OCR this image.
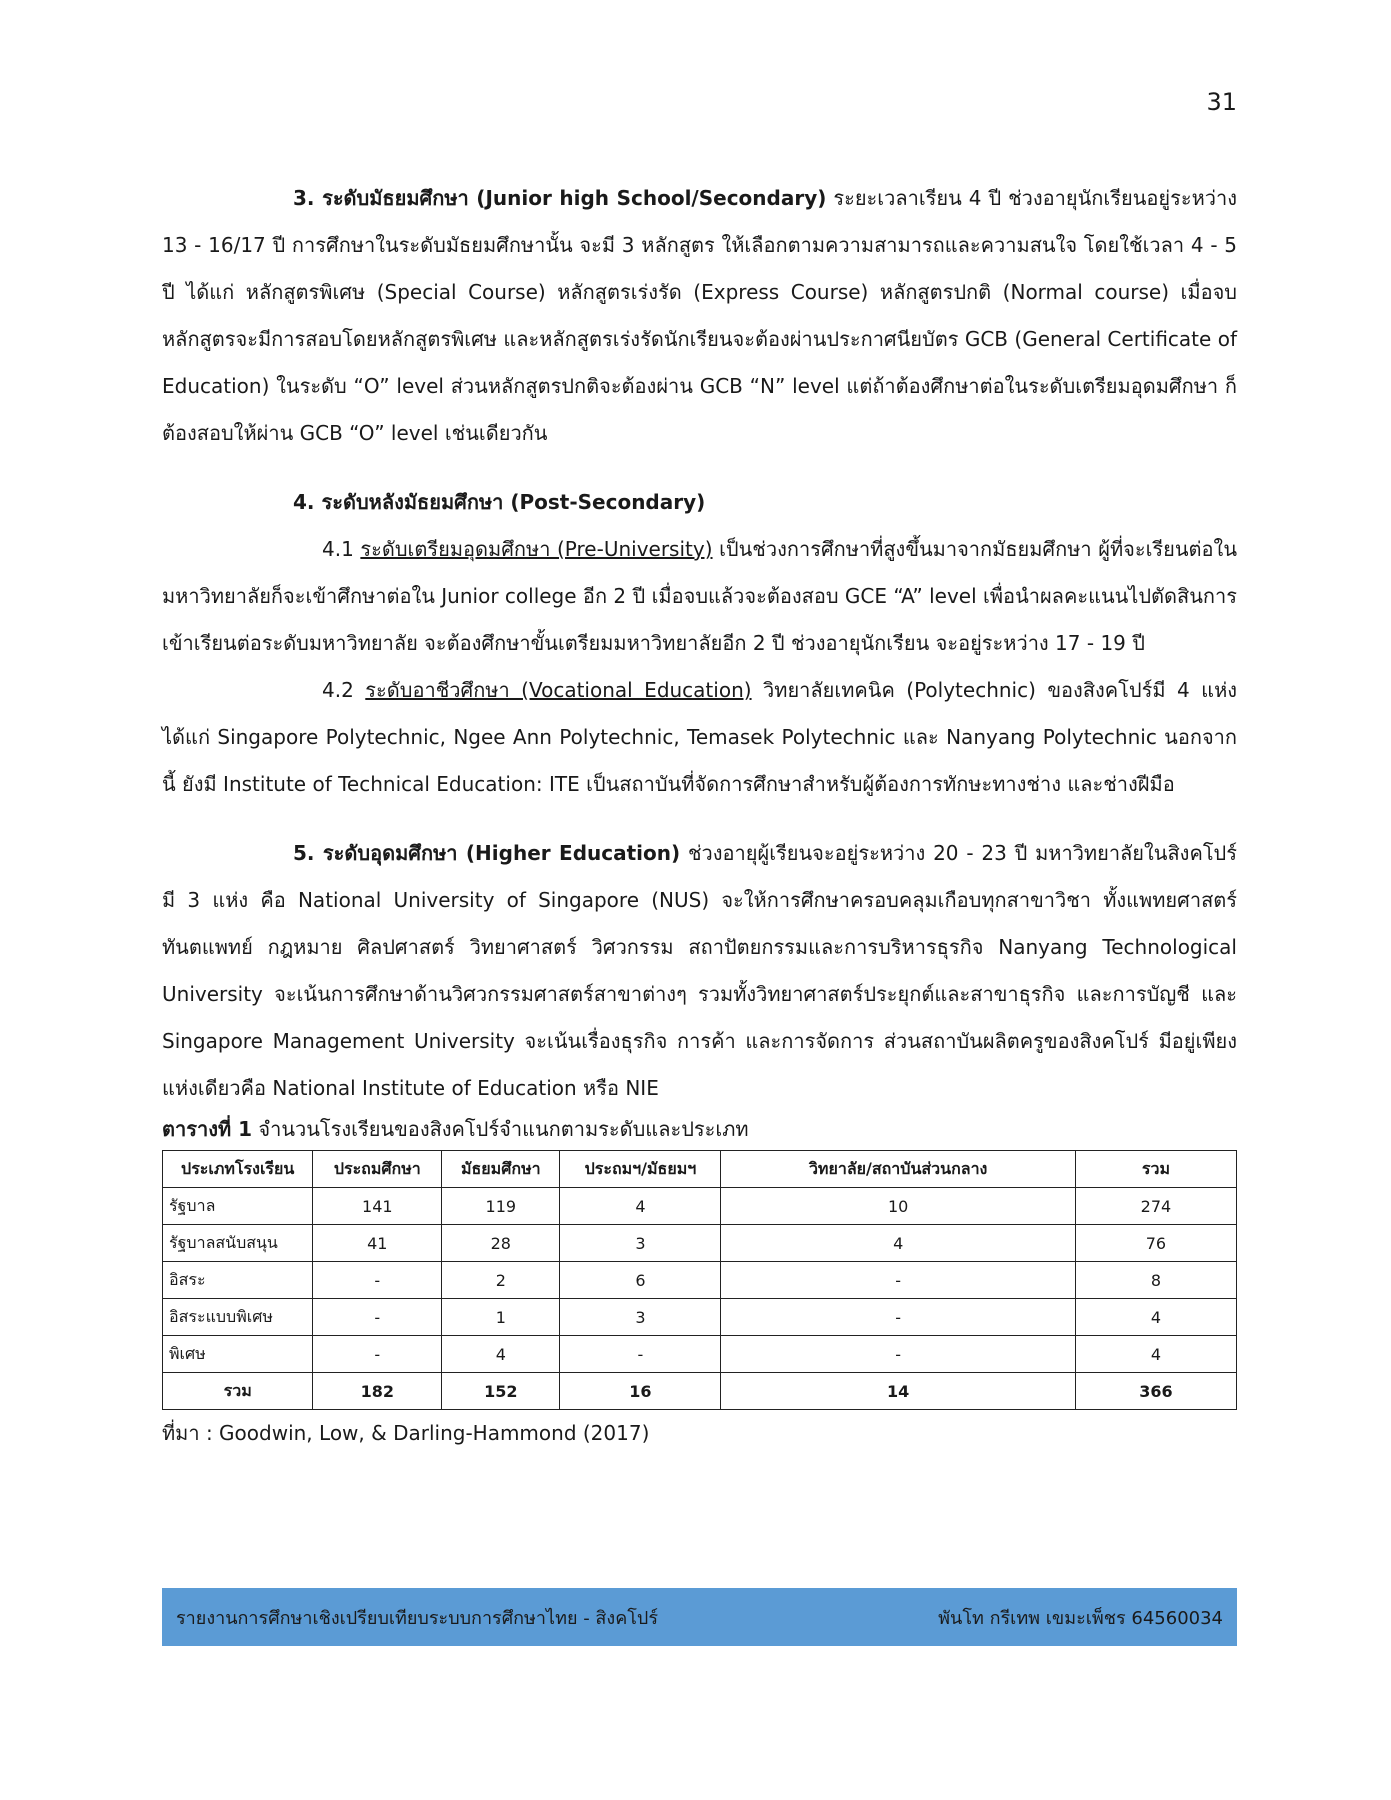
31

3. ระดับมัธยมศึกษา (Junior high School/Secondary) ระยะเวลาเรียน 4 ปี ช่วงอายุนักเรียนอยู่ระหว่าง 13 - 16/17 ปี การศึกษาในระดับมัธยมศึกษานั้น จะมี 3 หลักสูตร ให้เลือกตามความสามารถและความสนใจ โดยใช้เวลา 4 - 5 ปี ได้แก่ หลักสูตรพิเศษ (Special Course) หลักสูตรเร่งรัด (Express Course) หลักสูตรปกติ (Normal course) เมื่อจบหลักสูตรจะมีการสอบโดยหลักสูตรพิเศษ และหลักสูตรเร่งรัดนักเรียนจะต้องผ่านประกาศนียบัตร GCB (General Certificate of Education) ในระดับ “O” level ส่วนหลักสูตรปกติจะต้องผ่าน GCB “N” level แต่ถ้าต้องศึกษาต่อในระดับเตรียมอุดมศึกษา ก็ต้องสอบให้ผ่าน GCB “O” level เช่นเดียวกัน

4. ระดับหลังมัธยมศึกษา (Post-Secondary)

4.1 ระดับเตรียมอุดมศึกษา (Pre-University) เป็นช่วงการศึกษาที่สูงขึ้นมาจากมัธยมศึกษา ผู้ที่จะเรียนต่อในมหาวิทยาลัยก็จะเข้าศึกษาต่อใน Junior college อีก 2 ปี เมื่อจบแล้วจะต้องสอบ GCE “A” level เพื่อนำผลคะแนนไปตัดสินการเข้าเรียนต่อระดับมหาวิทยาลัย จะต้องศึกษาขั้นเตรียมมหาวิทยาลัยอีก 2 ปี ช่วงอายุนักเรียน จะอยู่ระหว่าง 17 - 19 ปี

4.2 ระดับอาชีวศึกษา (Vocational Education) วิทยาลัยเทคนิค (Polytechnic) ของสิงคโปร์มี 4 แห่ง ได้แก่ Singapore Polytechnic, Ngee Ann Polytechnic, Temasek Polytechnic และ Nanyang Polytechnic นอกจากนี้ ยังมี Institute of Technical Education: ITE เป็นสถาบันที่จัดการศึกษาสำหรับผู้ต้องการทักษะทางช่าง และช่างฝีมือ

5. ระดับอุดมศึกษา (Higher Education) ช่วงอายุผู้เรียนจะอยู่ระหว่าง 20 - 23 ปี มหาวิทยาลัยในสิงคโปร์มี 3 แห่ง คือ National University of Singapore (NUS) จะให้การศึกษาครอบคลุมเกือบทุกสาขาวิชา ทั้งแพทยศาสตร์ ทันตแพทย์ กฎหมาย ศิลปศาสตร์ วิทยาศาสตร์ วิศวกรรม สถาปัตยกรรมและการบริหารธุรกิจ Nanyang Technological University จะเน้นการศึกษาด้านวิศวกรรมศาสตร์สาขาต่างๆ รวมทั้งวิทยาศาสตร์ประยุกต์และสาขาธุรกิจ และการบัญชี และ Singapore Management University จะเน้นเรื่องธุรกิจ การค้า และการจัดการ ส่วนสถาบันผลิตครูของสิงคโปร์ มีอยู่เพียงแห่งเดียวคือ National Institute of Education หรือ NIE

ตารางที่ 1 จำนวนโรงเรียนของสิงคโปร์จำแนกตามระดับและประเภท

ประเภทโรงเรียน	ประถมศึกษา	มัธยมศึกษา	ประถมฯ/มัธยมฯ	วิทยาลัย/สถาบันส่วนกลาง	รวม
รัฐบาล	141	119	4	10	274
รัฐบาลสนับสนุน	41	28	3	4	76
อิสระ	-	2	6	-	8
อิสระแบบพิเศษ	-	1	3	-	4
พิเศษ	-	4	-	-	4
รวม	182	152	16	14	366

ที่มา : Goodwin, Low, & Darling-Hammond (2017)

รายงานการศึกษาเชิงเปรียบเทียบระบบการศึกษาไทย - สิงคโปร์	พันโท กรีเทพ เขมะเพ็ชร 64560034
